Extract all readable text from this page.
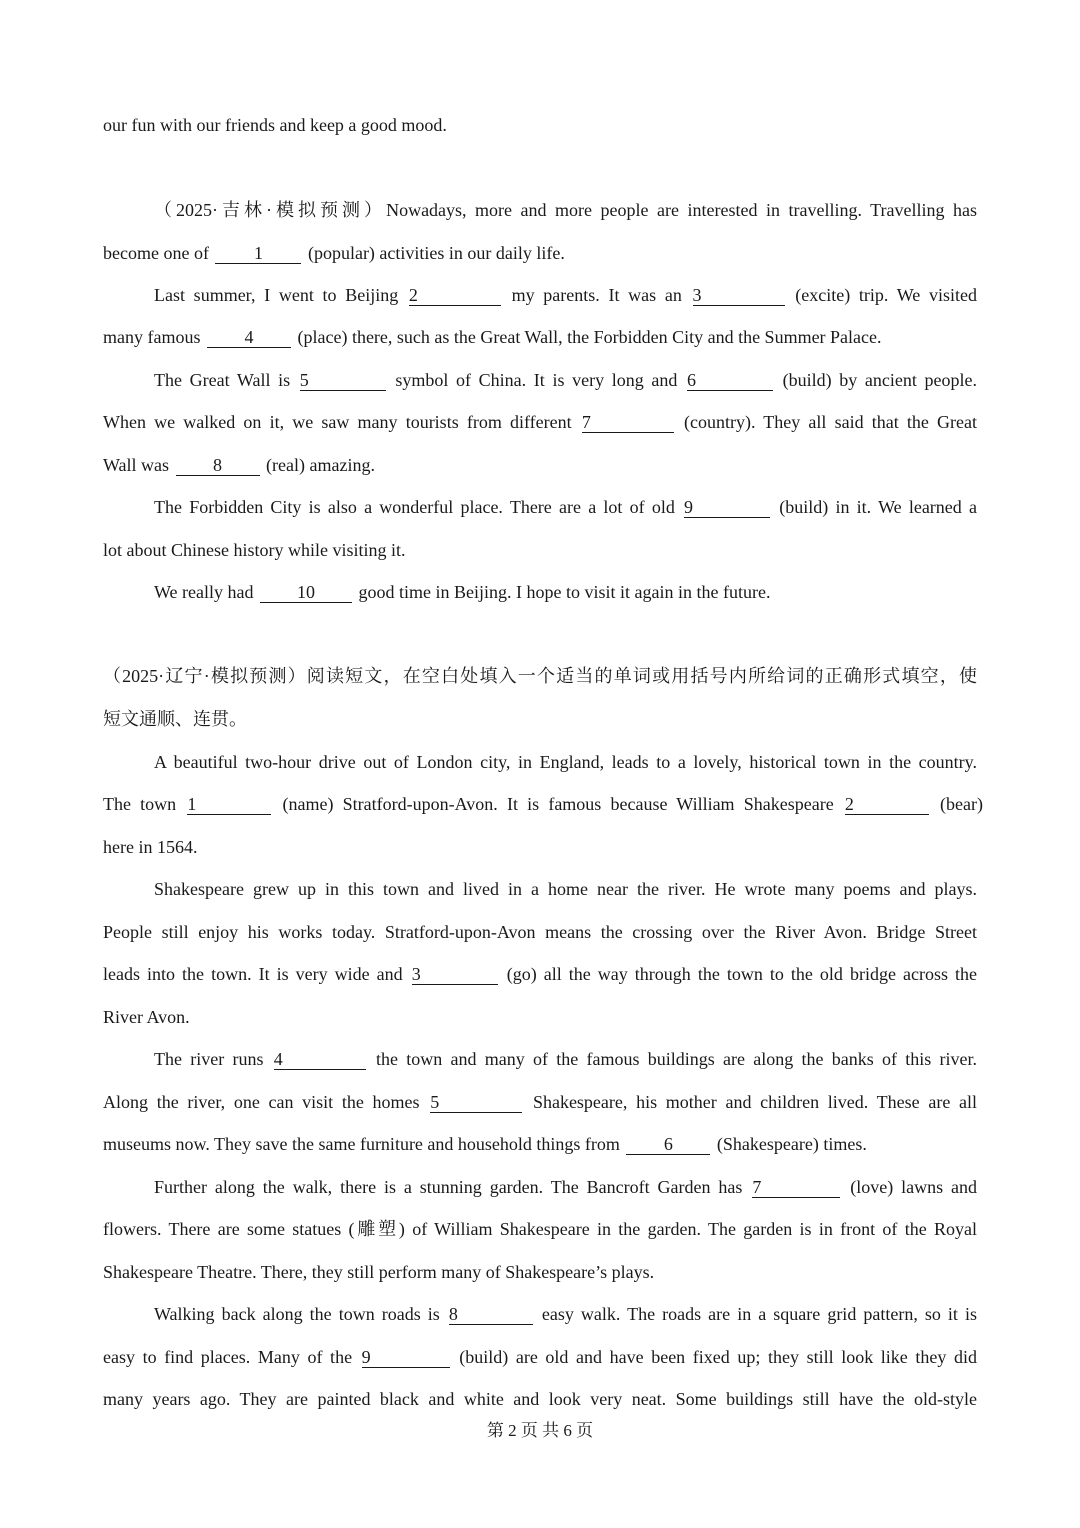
our fun with our friends and keep a good mood.
（2025·吉林·模拟预测）Nowadays, more and more people are interested in travelling. Travelling has
become one of 1 (popular) activities in our daily life.
Last summer, I went to Beijing 2	my parents. It was an 3	(excite) trip. We visited
many famous 4 (place) there, such as the Great Wall, the Forbidden City and the Summer Palace.
The Great Wall is 5	symbol of China. It is very long and 6	(build) by ancient people.
When we walked on it, we saw many tourists from different 7	(country). They all said that the Great
Wall was 8 (real) amazing.
The Forbidden City is also a wonderful place. There are a lot of old 9	(build) in it. We learned a
lot about Chinese history while visiting it.
We really had 10 good time in Beijing. I hope to visit it again in the future.
（2025·辽宁·模拟预测）阅读短文，在空白处填入一个适当的单词或用括号内所给词的正确形式填空，使
短文通顺、连贯。
A beautiful two-hour drive out of London city, in England, leads to a lovely, historical town in the country.
The town 1	(name) Stratford-upon-Avon. It is famous because William Shakespeare 2	(bear)
here in 1564.
Shakespeare grew up in this town and lived in a home near the river. He wrote many poems and plays.
People still enjoy his works today. Stratford-upon-Avon means the crossing over the River Avon. Bridge Street
leads into the town. It is very wide and 3	(go) all the way through the town to the old bridge across the
River Avon.
The river runs 4	the town and many of the famous buildings are along the banks of this river.
Along the river, one can visit the homes 5	Shakespeare, his mother and children lived. These are all
museums now. They save the same furniture and household things from 6 (Shakespeare) times.
Further along the walk, there is a stunning garden. The Bancroft Garden has 7	(love) lawns and
flowers. There are some statues (雕塑) of William Shakespeare in the garden. The garden is in front of the Royal
Shakespeare Theatre. There, they still perform many of Shakespeare’s plays.
Walking back along the town roads is 8	easy walk. The roads are in a square grid pattern, so it is
easy to find places. Many of the 9	(build) are old and have been fixed up; they still look like they did
many years ago. They are painted black and white and look very neat. Some buildings still have the old-style
第 2 页 共 6 页
